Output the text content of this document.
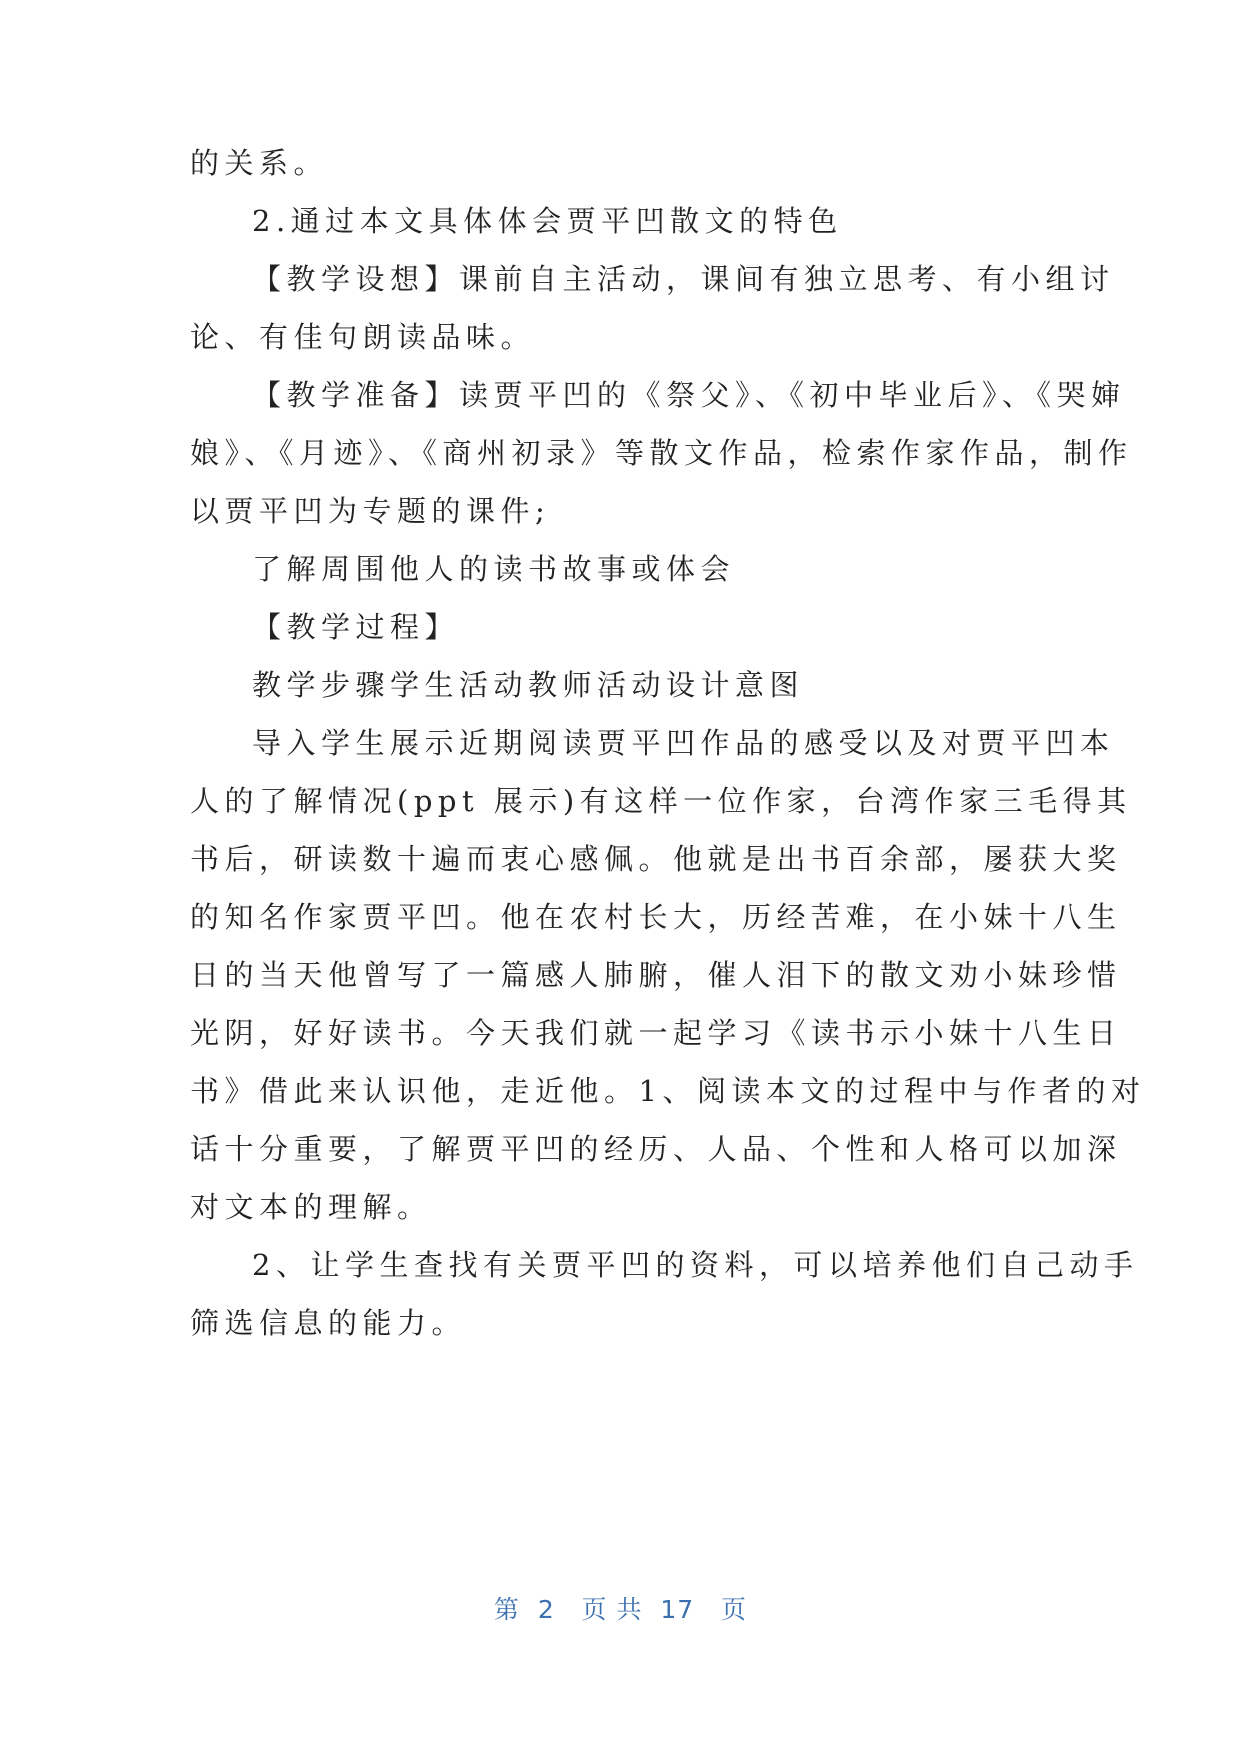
的关系。
2.通过本文具体体会贾平凹散文的特色
【教学设想】课前自主活动，课间有独立思考、有小组讨
论、有佳句朗读品味。
【教学准备】读贾平凹的《祭父》、《初中毕业后》、《哭婶
娘》、《月迹》、《商州初录》等散文作品，检索作家作品，制作
以贾平凹为专题的课件;
了解周围他人的读书故事或体会
【教学过程】
教学步骤学生活动教师活动设计意图
导入学生展示近期阅读贾平凹作品的感受以及对贾平凹本
人的了解情况(ppt 展示)有这样一位作家，台湾作家三毛得其
书后，研读数十遍而衷心感佩。他就是出书百余部，屡获大奖
的知名作家贾平凹。他在农村长大，历经苦难，在小妹十八生
日的当天他曾写了一篇感人肺腑，催人泪下的散文劝小妹珍惜
光阴，好好读书。今天我们就一起学习《读书示小妹十八生日
书》借此来认识他，走近他。1、阅读本文的过程中与作者的对
话十分重要，了解贾平凹的经历、人品、个性和人格可以加深
对文本的理解。
2、让学生查找有关贾平凹的资料，可以培养他们自己动手
筛选信息的能力。
第  2   页 共  17   页
